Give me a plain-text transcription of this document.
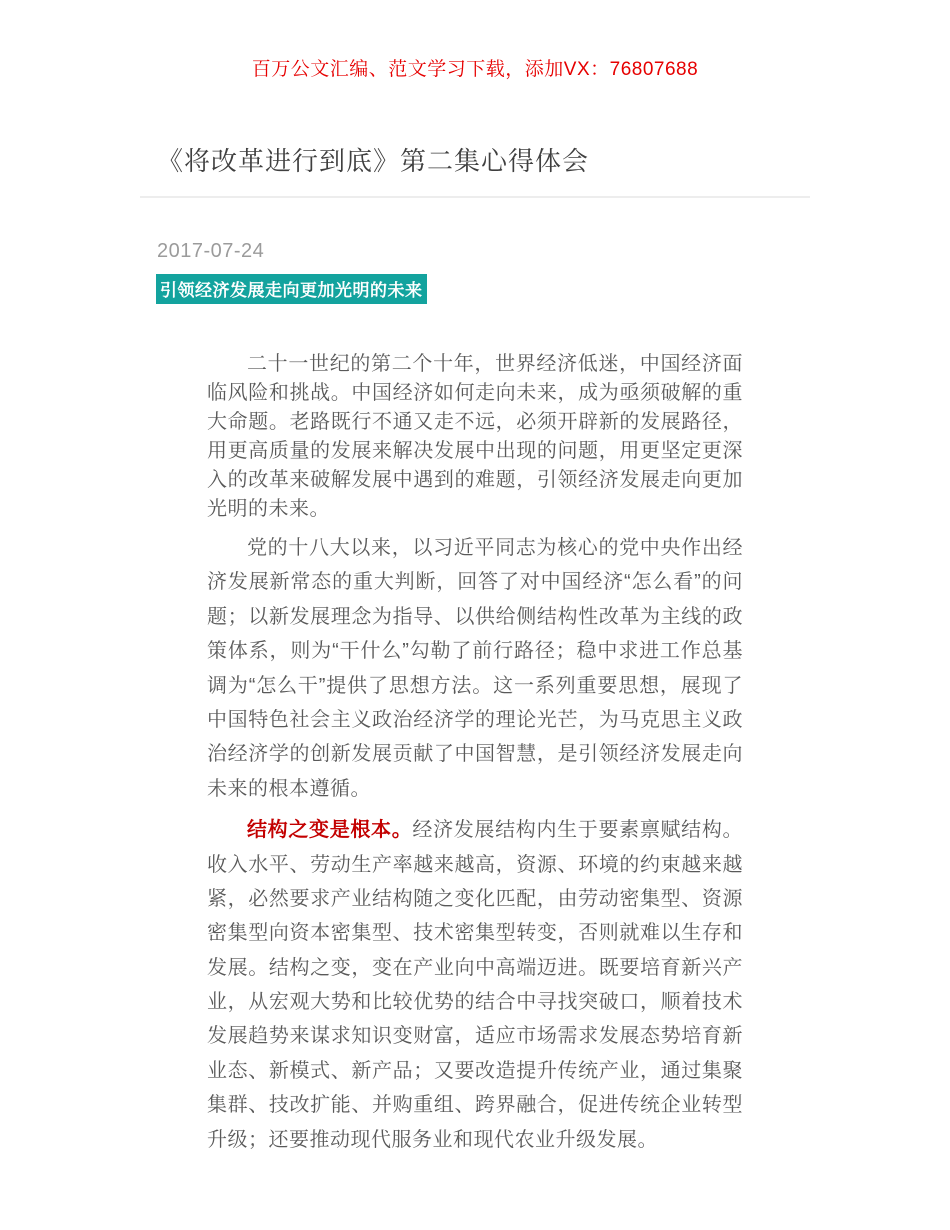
百万公文汇编、范文学习下载，添加VX：76807688
《将改革进行到底》第二集心得体会
2017-07-24
引领经济发展走向更加光明的未来

二十一世纪的第二个十年，世界经济低迷，中国经济面临风险和挑战。中国经济如何走向未来，成为亟须破解的重大命题。老路既行不通又走不远，必须开辟新的发展路径，用更高质量的发展来解决发展中出现的问题，用更坚定更深入的改革来破解发展中遇到的难题，引领经济发展走向更加光明的未来。

党的十八大以来，以习近平同志为核心的党中央作出经济发展新常态的重大判断，回答了对中国经济“怎么看”的问题；以新发展理念为指导、以供给侧结构性改革为主线的政策体系，则为“干什么”勾勒了前行路径；稳中求进工作总基调为“怎么干”提供了思想方法。这一系列重要思想，展现了中国特色社会主义政治经济学的理论光芒，为马克思主义政治经济学的创新发展贡献了中国智慧，是引领经济发展走向未来的根本遵循。

结构之变是根本。经济发展结构内生于要素禀赋结构。收入水平、劳动生产率越来越高，资源、环境的约束越来越紧，必然要求产业结构随之变化匹配，由劳动密集型、资源密集型向资本密集型、技术密集型转变，否则就难以生存和发展。结构之变，变在产业向中高端迈进。既要培育新兴产业，从宏观大势和比较优势的结合中寻找突破口，顺着技术发展趋势来谋求知识变财富，适应市场需求发展态势培育新业态、新模式、新产品；又要改造提升传统产业，通过集聚集群、技改扩能、并购重组、跨界融合，促进传统企业转型升级；还要推动现代服务业和现代农业升级发展。
